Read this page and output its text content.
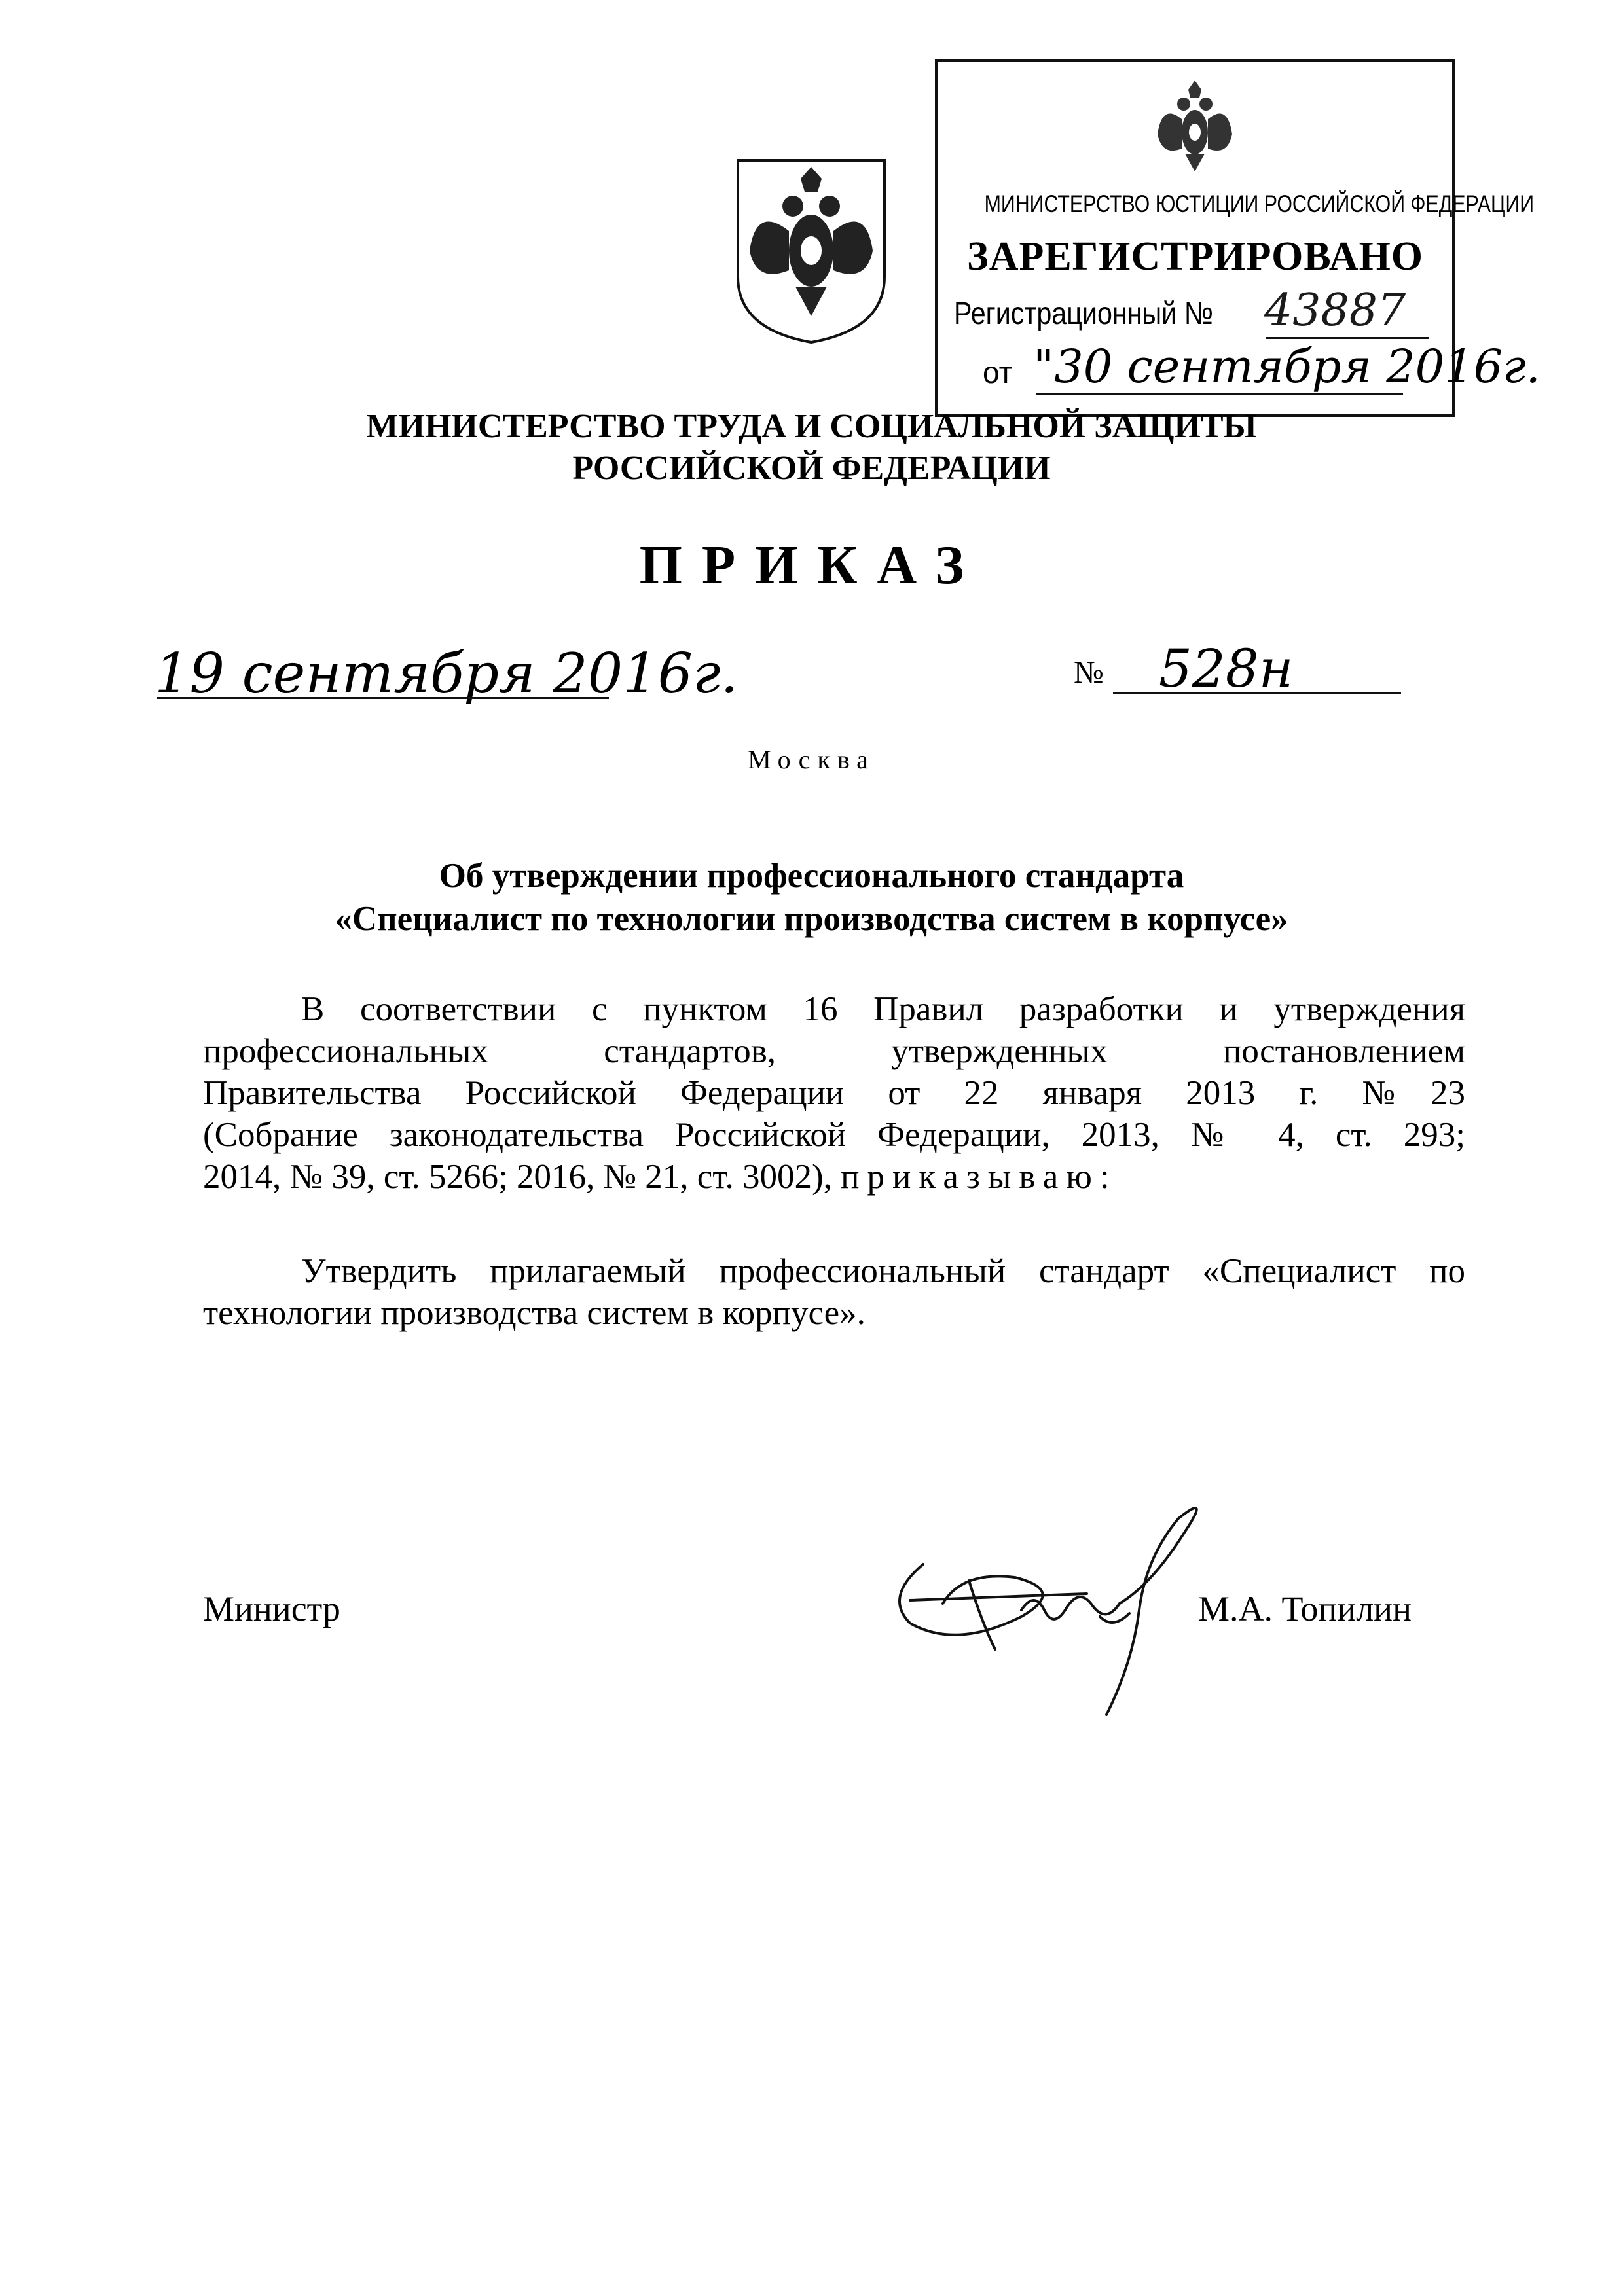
МИНИСТЕРСТВО ЮСТИЦИИ РОССИЙСКОЙ ФЕДЕРАЦИИ
ЗАРЕГИСТРИРОВАНО
Регистрационный № 43887
от "30 сентября 2016г.
МИНИСТЕРСТВО ТРУДА И СОЦИАЛЬНОЙ ЗАЩИТЫ
РОССИЙСКОЙ ФЕДЕРАЦИИ
ПРИКАЗ
19 сентября 2016г.	№ 528н
Москва
Об утверждении профессионального стандарта
«Специалист по технологии производства систем в корпусе»
В соответствии с пунктом 16 Правил разработки и утверждения
профессиональных стандартов, утвержденных постановлением
Правительства Российской Федерации от 22 января 2013 г. №23
(Собрание законодательства Российской Федерации, 2013, № 4, ст. 293;
2014, № 39, ст. 5266; 2016, № 21, ст. 3002), приказываю:
Утвердить прилагаемый профессиональный стандарт «Специалист по
технологии производства систем в корпусе».
Министр	М.А. Топилин
